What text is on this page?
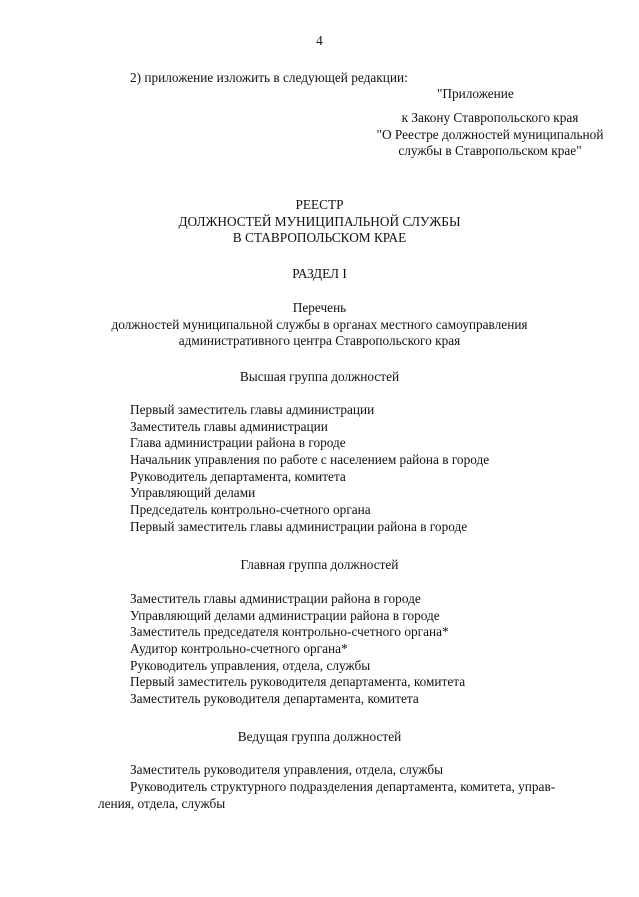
4
2) приложение изложить в следующей редакции:
"Приложение
к Закону Ставропольского края
"О Реестре должностей муниципальной
службы в Ставропольском крае"
РЕЕСТР
ДОЛЖНОСТЕЙ МУНИЦИПАЛЬНОЙ СЛУЖБЫ
В СТАВРОПОЛЬСКОМ КРАЕ
РАЗДЕЛ I
Перечень
должностей муниципальной службы в органах местного самоуправления
административного центра Ставропольского края
Высшая группа должностей
Первый заместитель главы администрации
Заместитель главы администрации
Глава администрации района в городе
Начальник управления по работе с населением района в городе
Руководитель департамента, комитета
Управляющий делами
Председатель контрольно-счетного органа
Первый заместитель главы администрации района в городе
Главная группа должностей
Заместитель главы администрации района в городе
Управляющий делами администрации района в городе
Заместитель председателя контрольно-счетного органа*
Аудитор контрольно-счетного органа*
Руководитель управления, отдела, службы
Первый заместитель руководителя департамента, комитета
Заместитель руководителя департамента, комитета
Ведущая группа должностей
Заместитель руководителя управления, отдела, службы
Руководитель структурного подразделения департамента, комитета, управ-
ления, отдела, службы
